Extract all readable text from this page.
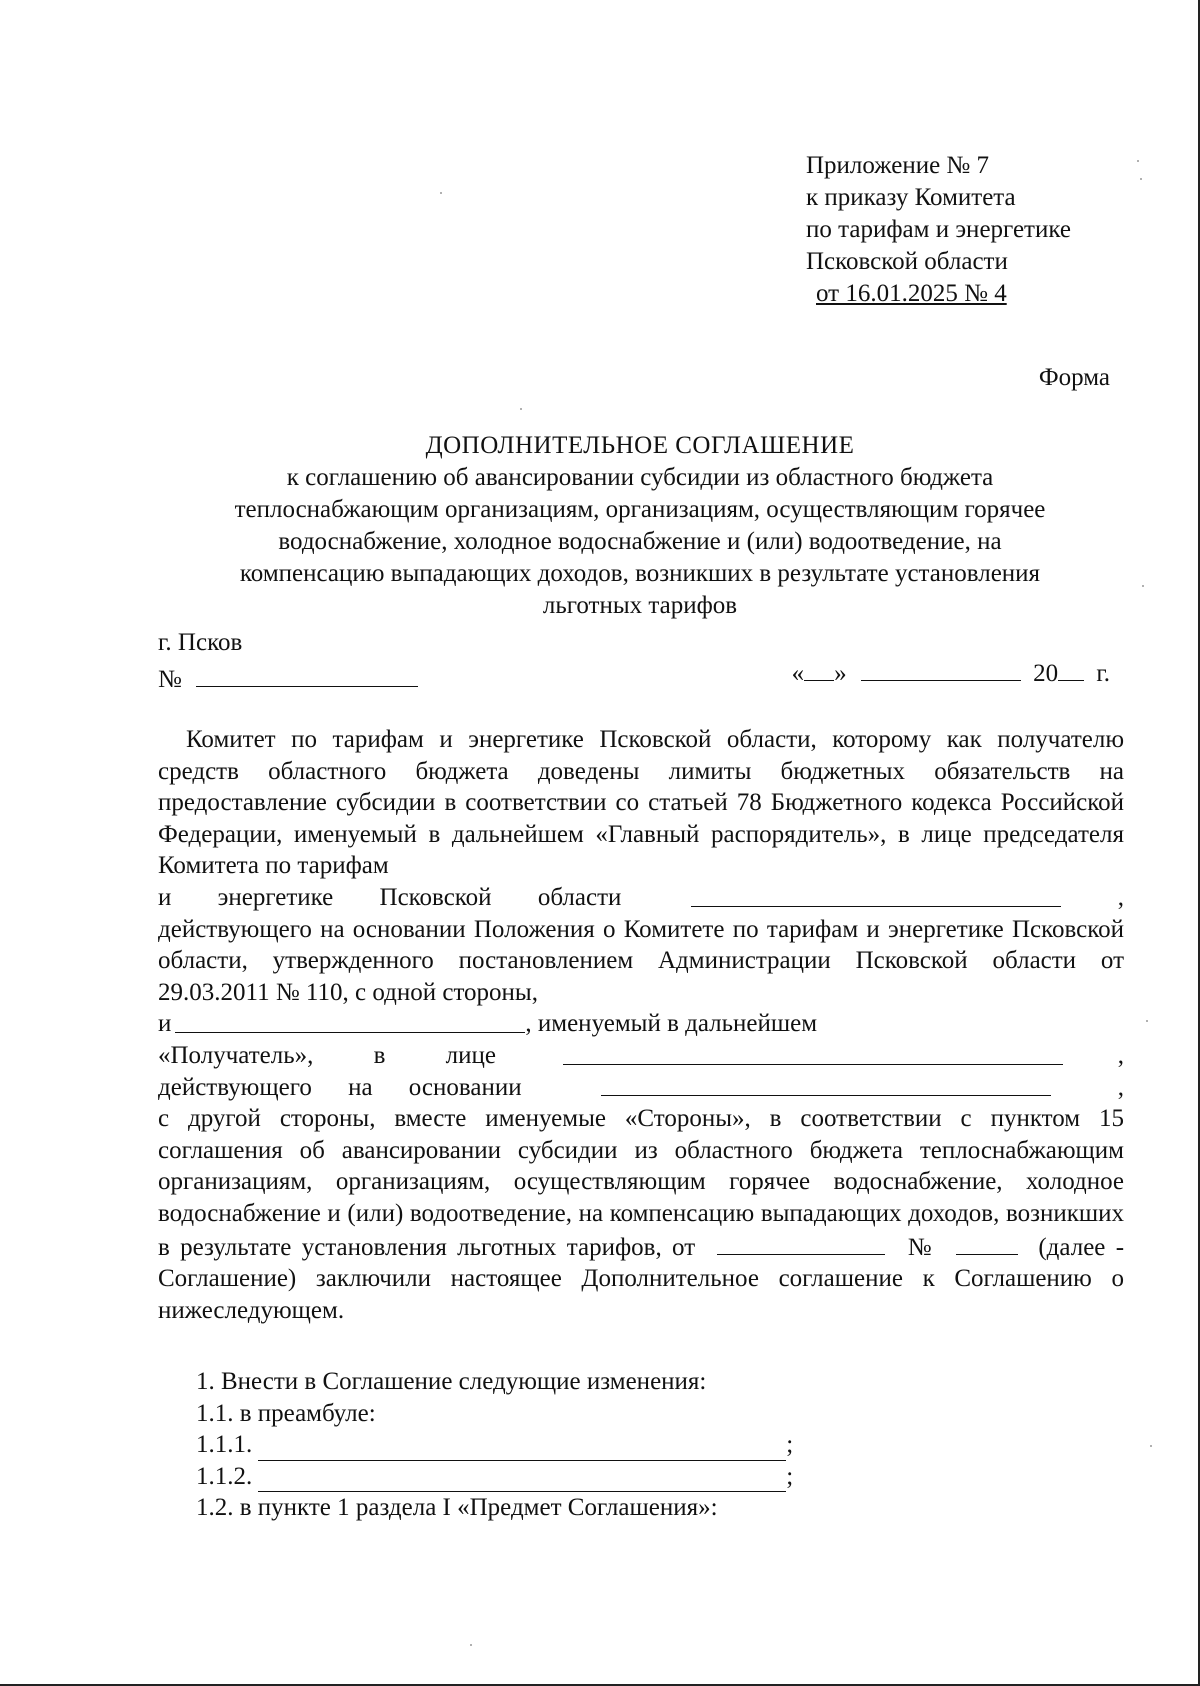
Приложение № 7
к приказу Комитета
по тарифам и энергетике
Псковской области
от 16.01.2025 № 4
Форма
ДОПОЛНИТЕЛЬНОЕ СОГЛАШЕНИЕ
к соглашению об авансировании субсидии из областного бюджета
теплоснабжающим организациям, организациям, осуществляющим горячее
водоснабжение, холодное водоснабжение и (или) водоотведение, на
компенсацию выпадающих доходов, возникших в результате установления
льготных тарифов
г. Псков
№	« »	20 г.

Комитет по тарифам и энергетике Псковской области, которому как получателю средств областного бюджета доведены лимиты бюджетных обязательств на предоставление субсидии в соответствии со статьей 78 Бюджетного кодекса Российской Федерации, именуемый в дальнейшем «Главный распорядитель», в лице председателя Комитета по тарифам

и энергетике Псковской области	,
действующего на основании Положения о Комитете по тарифам и энергетике Псковской области, утвержденного постановлением Администрации Псковской области от 29.03.2011 № 110, с одной стороны,
и	, именуемый в дальнейшем
«Получатель», в лице	,
действующего на основании	,
с другой стороны, вместе именуемые «Стороны», в соответствии с пунктом 15 соглашения об авансировании субсидии из областного бюджета теплоснабжающим организациям, организациям, осуществляющим горячее водоснабжение, холодное водоснабжение и (или) водоотведение, на компенсацию выпадающих доходов, возникших в результате установления льготных тарифов, от	№	(далее - Соглашение) заключили настоящее Дополнительное соглашение к Соглашению о нижеследующем.
1. Внести в Соглашение следующие изменения:
1.1. в преамбуле:
1.1.1.	;
1.1.2.	;
1.2. в пункте 1 раздела I «Предмет Соглашения»:
